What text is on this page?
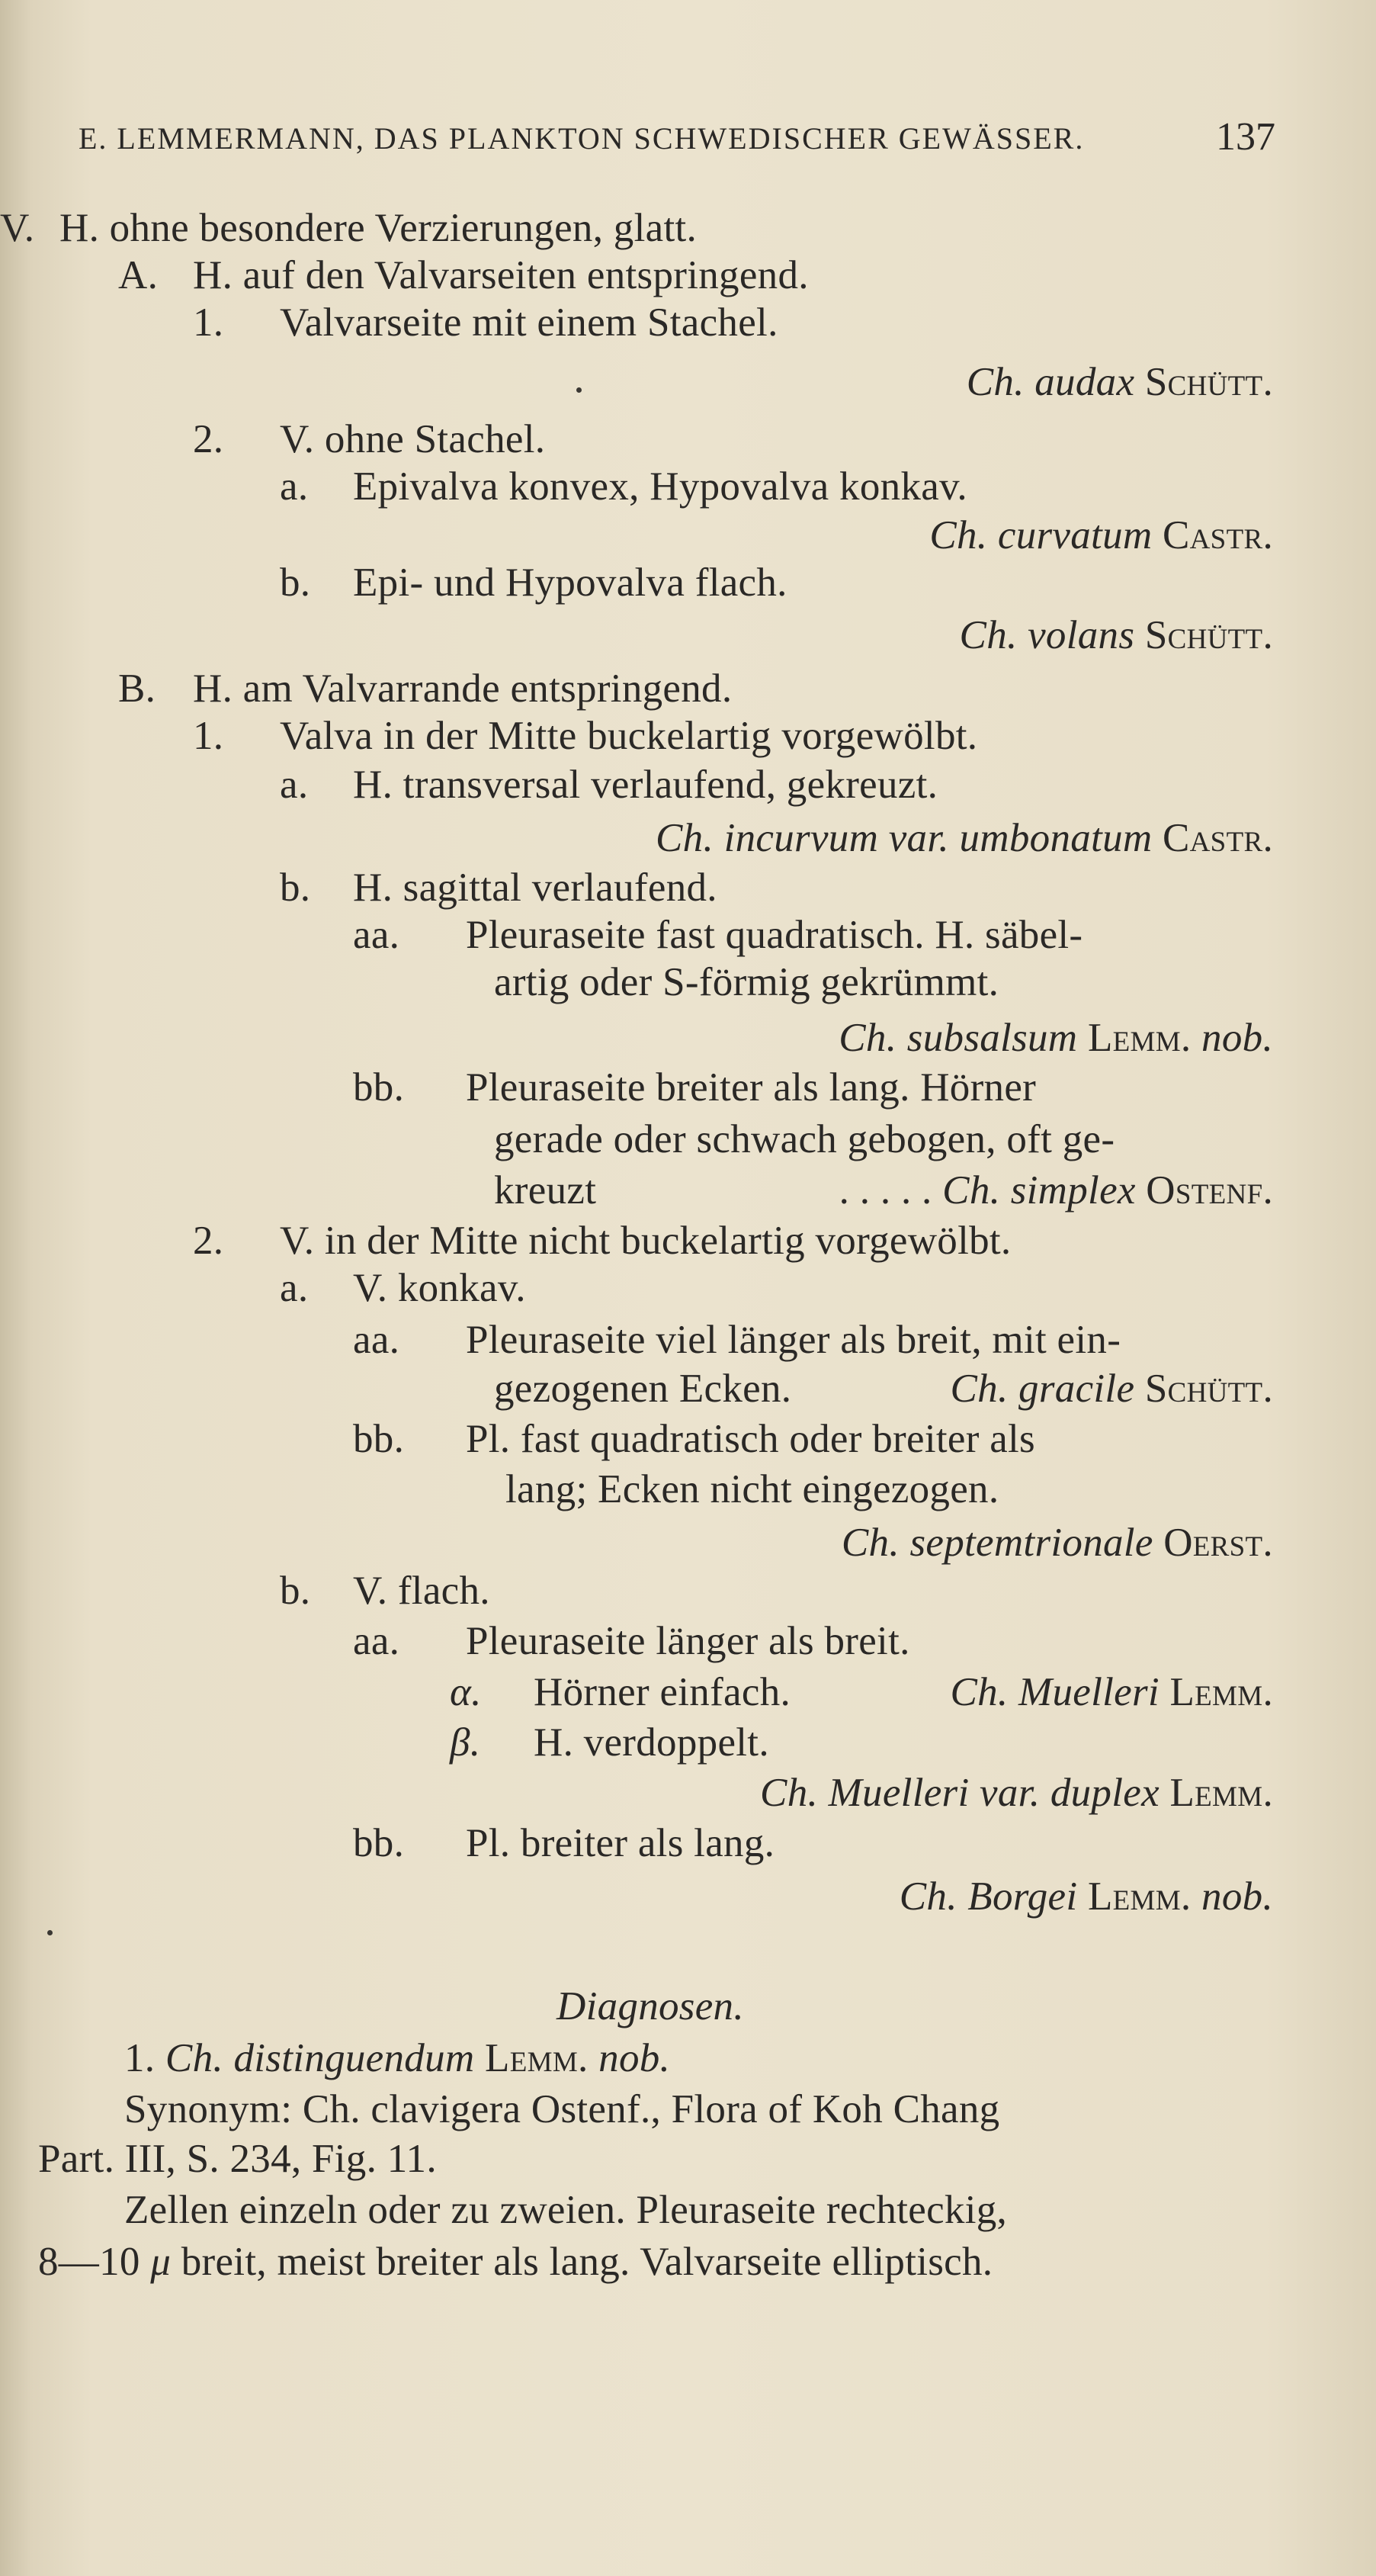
E. LEMMERMANN, DAS PLANKTON SCHWEDISCHER GEWÄSSER.	137
V. H. ohne besondere Verzierungen, glatt.
A. H. auf den Valvarseiten entspringend.
1. Valvarseite mit einem Stachel.
Ch. audax Schütt.
2. V. ohne Stachel.
a. Epivalva konvex, Hypovalva konkav.
Ch. curvatum Castr.
b. Epi- und Hypovalva flach.
Ch. volans Schütt.
B. H. am Valvarrande entspringend.
1. Valva in der Mitte buckelartig vorgewölbt.
a. H. transversal verlaufend, gekreuzt.
Ch. incurvum var. umbonatum Castr.
b. H. sagittal verlaufend.
aa. Pleuraseite fast quadratisch. H. säbel-
artig oder S-förmig gekrümmt.
Ch. subsalsum Lemm. nob.
bb. Pleuraseite breiter als lang. Hörner
gerade oder schwach gebogen, oft ge-
kreuzt	. . . . . Ch. simplex Ostenf.
2. V. in der Mitte nicht buckelartig vorgewölbt.
a. V. konkav.
aa. Pleuraseite viel länger als breit, mit ein-
gezogenen Ecken.	Ch. gracile Schütt.
bb. Pl. fast quadratisch oder breiter als
lang; Ecken nicht eingezogen.
Ch. septemtrionale Oerst.
b. V. flach.
aa. Pleuraseite länger als breit.
α. Hörner einfach.	Ch. Muelleri Lemm.
β. H. verdoppelt.
Ch. Muelleri var. duplex Lemm.
bb. Pl. breiter als lang.
Ch. Borgei Lemm. nob.
Diagnosen.
1. Ch. distinguendum Lemm. nob.
Synonym: Ch. clavigera Ostenf., Flora of Koh Chang
Part. III, S. 234, Fig. 11.
Zellen einzeln oder zu zweien. Pleuraseite rechteckig,
8—10 μ breit, meist breiter als lang. Valvarseite elliptisch.
